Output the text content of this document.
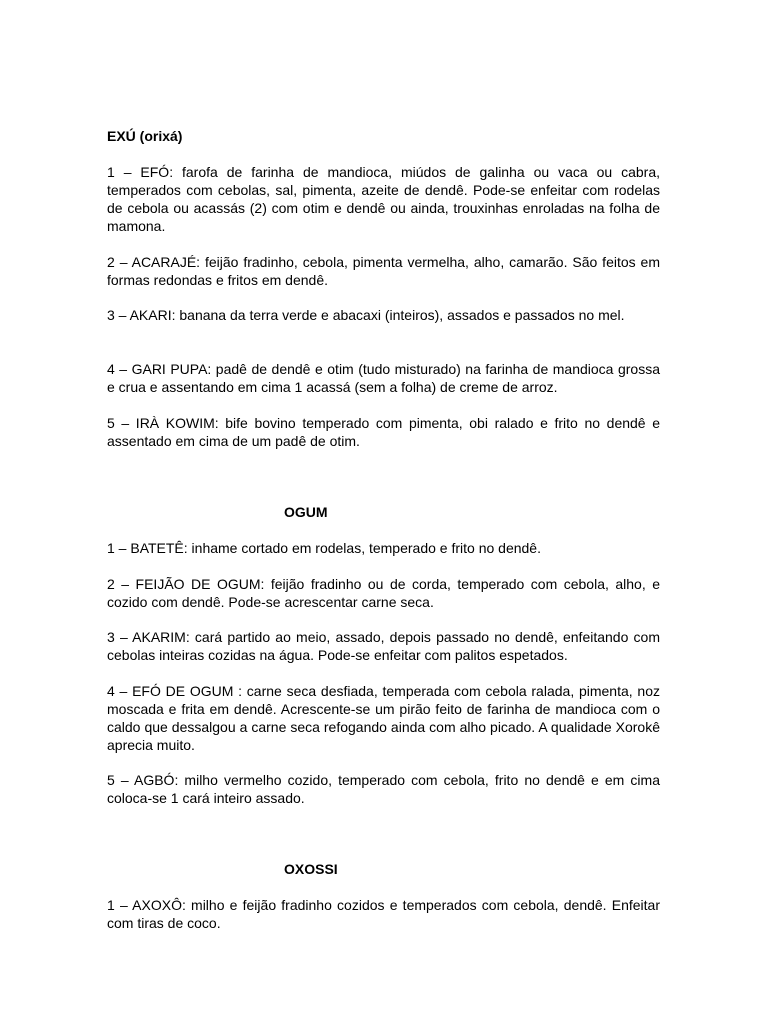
EXÚ (orixá)

1 – EFÓ: farofa de farinha de mandioca, miúdos de galinha ou vaca ou cabra, temperados com cebolas, sal, pimenta, azeite de dendê. Pode-se enfeitar com rodelas de cebola ou acassás (2) com otim e dendê ou ainda, trouxinhas enroladas na folha de mamona.

2 – ACARAJÉ: feijão fradinho, cebola, pimenta vermelha, alho, camarão. São feitos em formas redondas e fritos em dendê.

3 – AKARI: banana da terra verde e abacaxi (inteiros), assados e passados no mel.

4 – GARI PUPA: padê de dendê e otim (tudo misturado) na farinha de mandioca grossa e crua e assentando em cima 1 acassá (sem a folha) de creme de arroz.

5 – IRÀ KOWIM: bife bovino temperado com pimenta, obi ralado e frito no dendê e assentado em cima de um padê de otim.

OGUM

1 – BATETÊ: inhame cortado em rodelas, temperado e frito no dendê.

2 – FEIJÃO DE OGUM: feijão fradinho ou de corda, temperado com cebola, alho, e cozido com dendê. Pode-se acrescentar carne seca.

3 – AKARIM: cará partido ao meio, assado, depois passado no dendê, enfeitando com cebolas inteiras cozidas na água. Pode-se enfeitar com palitos espetados.

4 – EFÓ DE OGUM : carne seca desfiada, temperada com cebola ralada, pimenta, noz moscada e frita em dendê. Acrescente-se um pirão feito de farinha de mandioca com o caldo que dessalgou a carne seca refogando ainda com alho picado. A qualidade Xorokê aprecia muito.

5 – AGBÓ: milho vermelho cozido, temperado com cebola, frito no dendê e em cima coloca-se 1 cará inteiro assado.

OXOSSI

1 – AXOXÔ: milho e feijão fradinho cozidos e temperados com cebola, dendê. Enfeitar com tiras de coco.
